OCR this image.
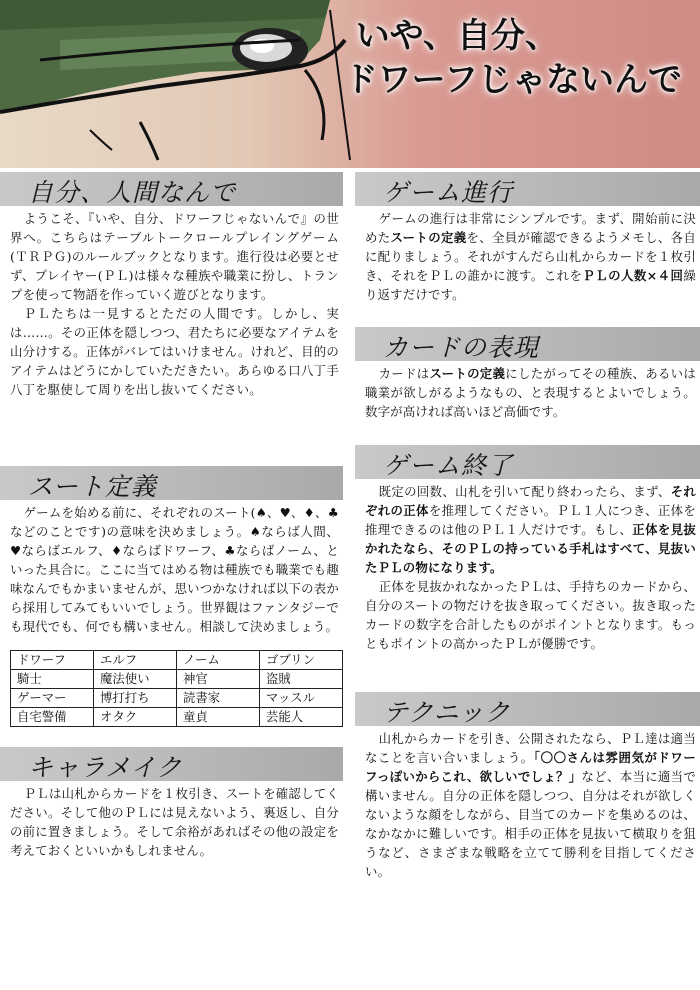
いや、自分、
ドワーフじゃないんで
自分、人間なんで

ようこそ、『いや、自分、ドワーフじゃないんで』の世界へ。こちらはテーブルトークロールプレイングゲーム(ＴＲＰＧ)のルールブックとなります。進行役は必要とせず、プレイヤー(ＰＬ)は様々な種族や職業に扮し、トランプを使って物語を作っていく遊びとなります。

ＰＬたちは一見するとただの人間です。しかし、実は……。その正体を隠しつつ、君たちに必要なアイテムを山分けする。正体がバレてはいけません。けれど、目的のアイテムはどうにかしていただきたい。あらゆる口八丁手八丁を駆使して周りを出し抜いてください。

スート定義

ゲームを始める前に、それぞれのスート(♠、♥、♦、♣などのことです)の意味を決めましょう。♠ならば人間、♥ならばエルフ、♦ならばドワーフ、♣ならばノーム、といった具合に。ここに当てはめる物は種族でも職業でも趣味なんでもかまいませんが、思いつかなければ以下の表から採用してみてもいいでしょう。世界観はファンタジーでも現代でも、何でも構いません。相談して決めましょう。

ドワーフ	エルフ	ノーム	ゴブリン
騎士	魔法使い	神官	盗賊
ゲーマー	博打打ち	読書家	マッスル
自宅警備	オタク	童貞	芸能人
キャラメイク

ＰＬは山札からカードを１枚引き、スートを確認してください。そして他のＰＬには見えないよう、裏返し、自分の前に置きましょう。そして余裕があればその他の設定を考えておくといいかもしれません。

ゲーム進行

ゲームの進行は非常にシンプルです。まず、開始前に決めたスートの定義を、全員が確認できるようメモし、各自に配りましょう。それがすんだら山札からカードを１枚引き、それをＰＬの誰かに渡す。これをＰＬの人数×４回繰り返すだけです。

カードの表現

カードはスートの定義にしたがってその種族、あるいは職業が欲しがるようなもの、と表現するとよいでしょう。数字が高ければ高いほど高価です。

ゲーム終了

既定の回数、山札を引いて配り終わったら、まず、それぞれの正体を推理してください。ＰＬ１人につき、正体を推理できるのは他のＰＬ１人だけです。もし、正体を見抜かれたなら、そのＰＬの持っている手札はすべて、見抜いたＰＬの物になります。

正体を見抜かれなかったＰＬは、手持ちのカードから、自分のスートの物だけを抜き取ってください。抜き取ったカードの数字を合計したものがポイントとなります。もっともポイントの高かったＰＬが優勝です。

テクニック

山札からカードを引き、公開されたなら、ＰＬ達は適当なことを言い合いましょう。「〇〇さんは雰囲気がドワーフっぽいからこれ、欲しいでしょ？」など、本当に適当で構いません。自分の正体を隠しつつ、自分はそれが欲しくないような顔をしながら、目当てのカードを集めるのは、なかなかに難しいです。相手の正体を見抜いて横取りを狙うなど、さまざまな戦略を立てて勝利を目指してください。
